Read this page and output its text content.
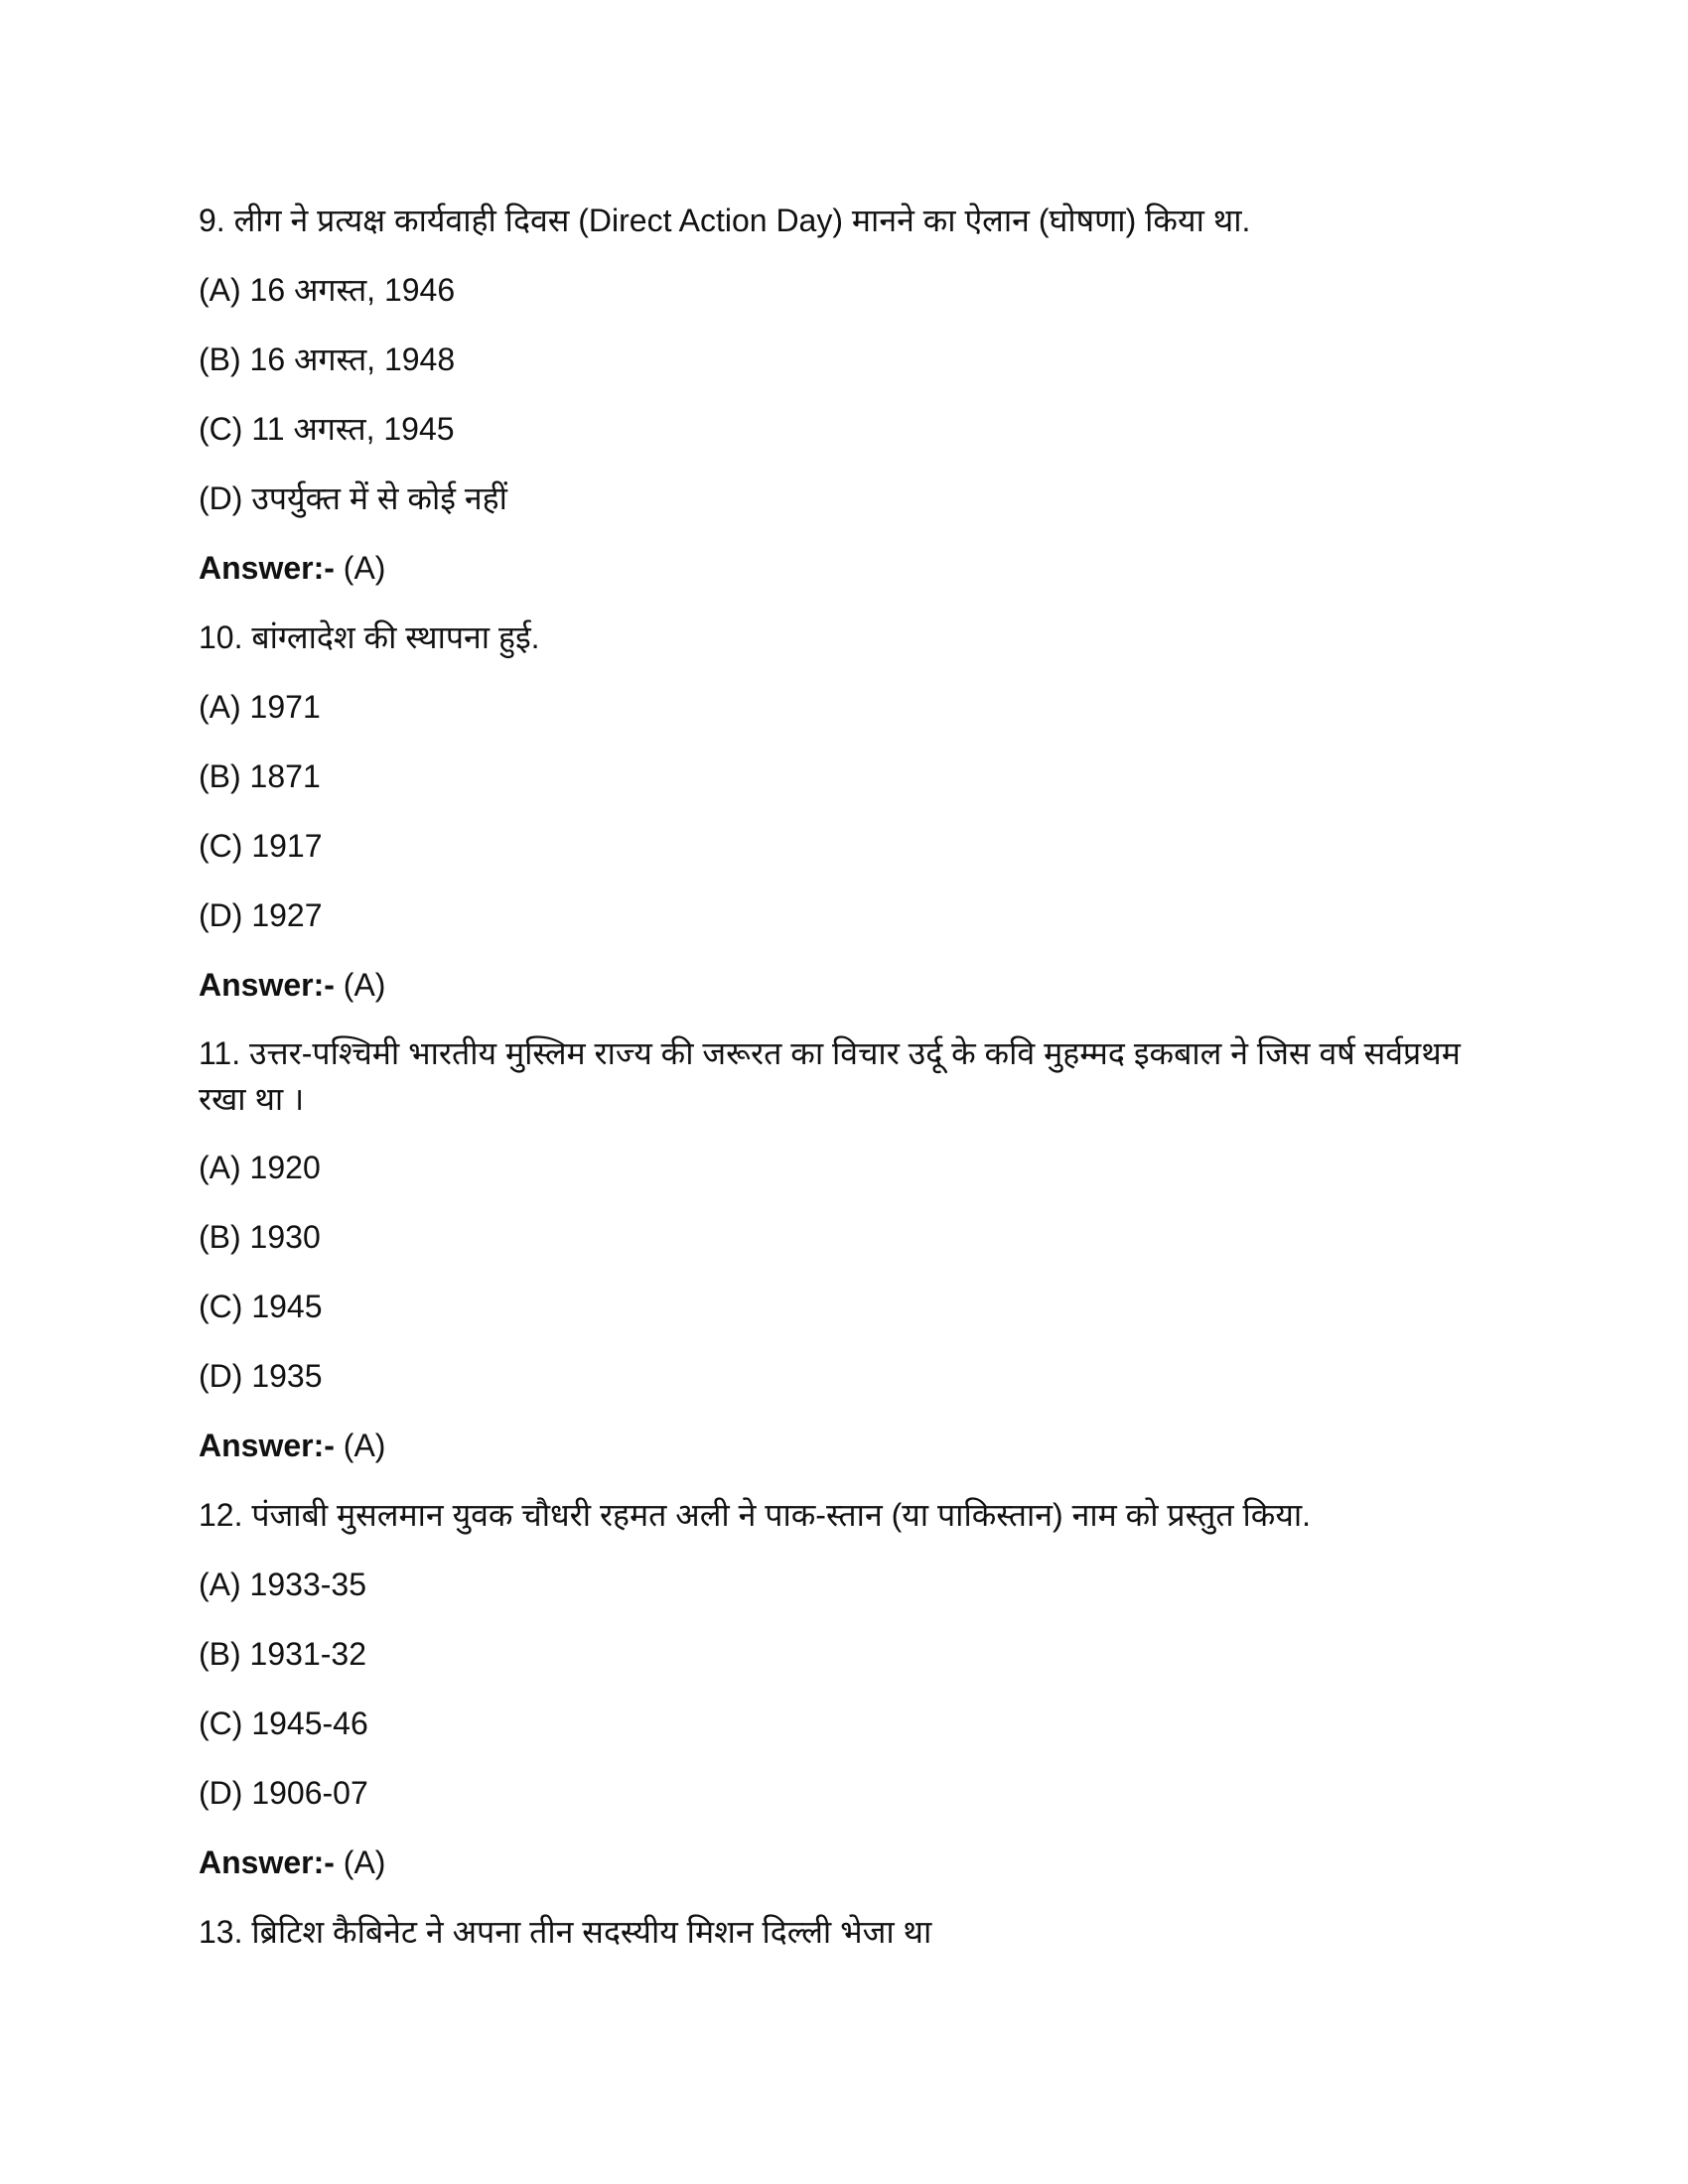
9. लीग ने प्रत्यक्ष कार्यवाही दिवस (Direct Action Day) मानने का ऐलान (घोषणा) किया था.

(A) 16 अगस्त, 1946

(B) 16 अगस्त, 1948

(C) 11 अगस्त, 1945

(D) उपर्युक्त में से कोई नहीं

Answer:- (A)

10. बांग्लादेश की स्थापना हुई.

(A) 1971

(B) 1871

(C) 1917

(D) 1927

Answer:- (A)

11. उत्तर-पश्चिमी भारतीय मुस्लिम राज्य की जरूरत का विचार उर्दू के कवि मुहम्मद इकबाल ने जिस वर्ष सर्वप्रथम रखा था ।

(A) 1920

(B) 1930

(C) 1945

(D) 1935

Answer:- (A)

12. पंजाबी मुसलमान युवक चौधरी रहमत अली ने पाक-स्तान (या पाकिस्तान) नाम को प्रस्तुत किया.

(A) 1933-35

(B) 1931-32

(C) 1945-46

(D) 1906-07

Answer:- (A)

13. ब्रिटिश कैबिनेट ने अपना तीन सदस्यीय मिशन दिल्ली भेजा था
